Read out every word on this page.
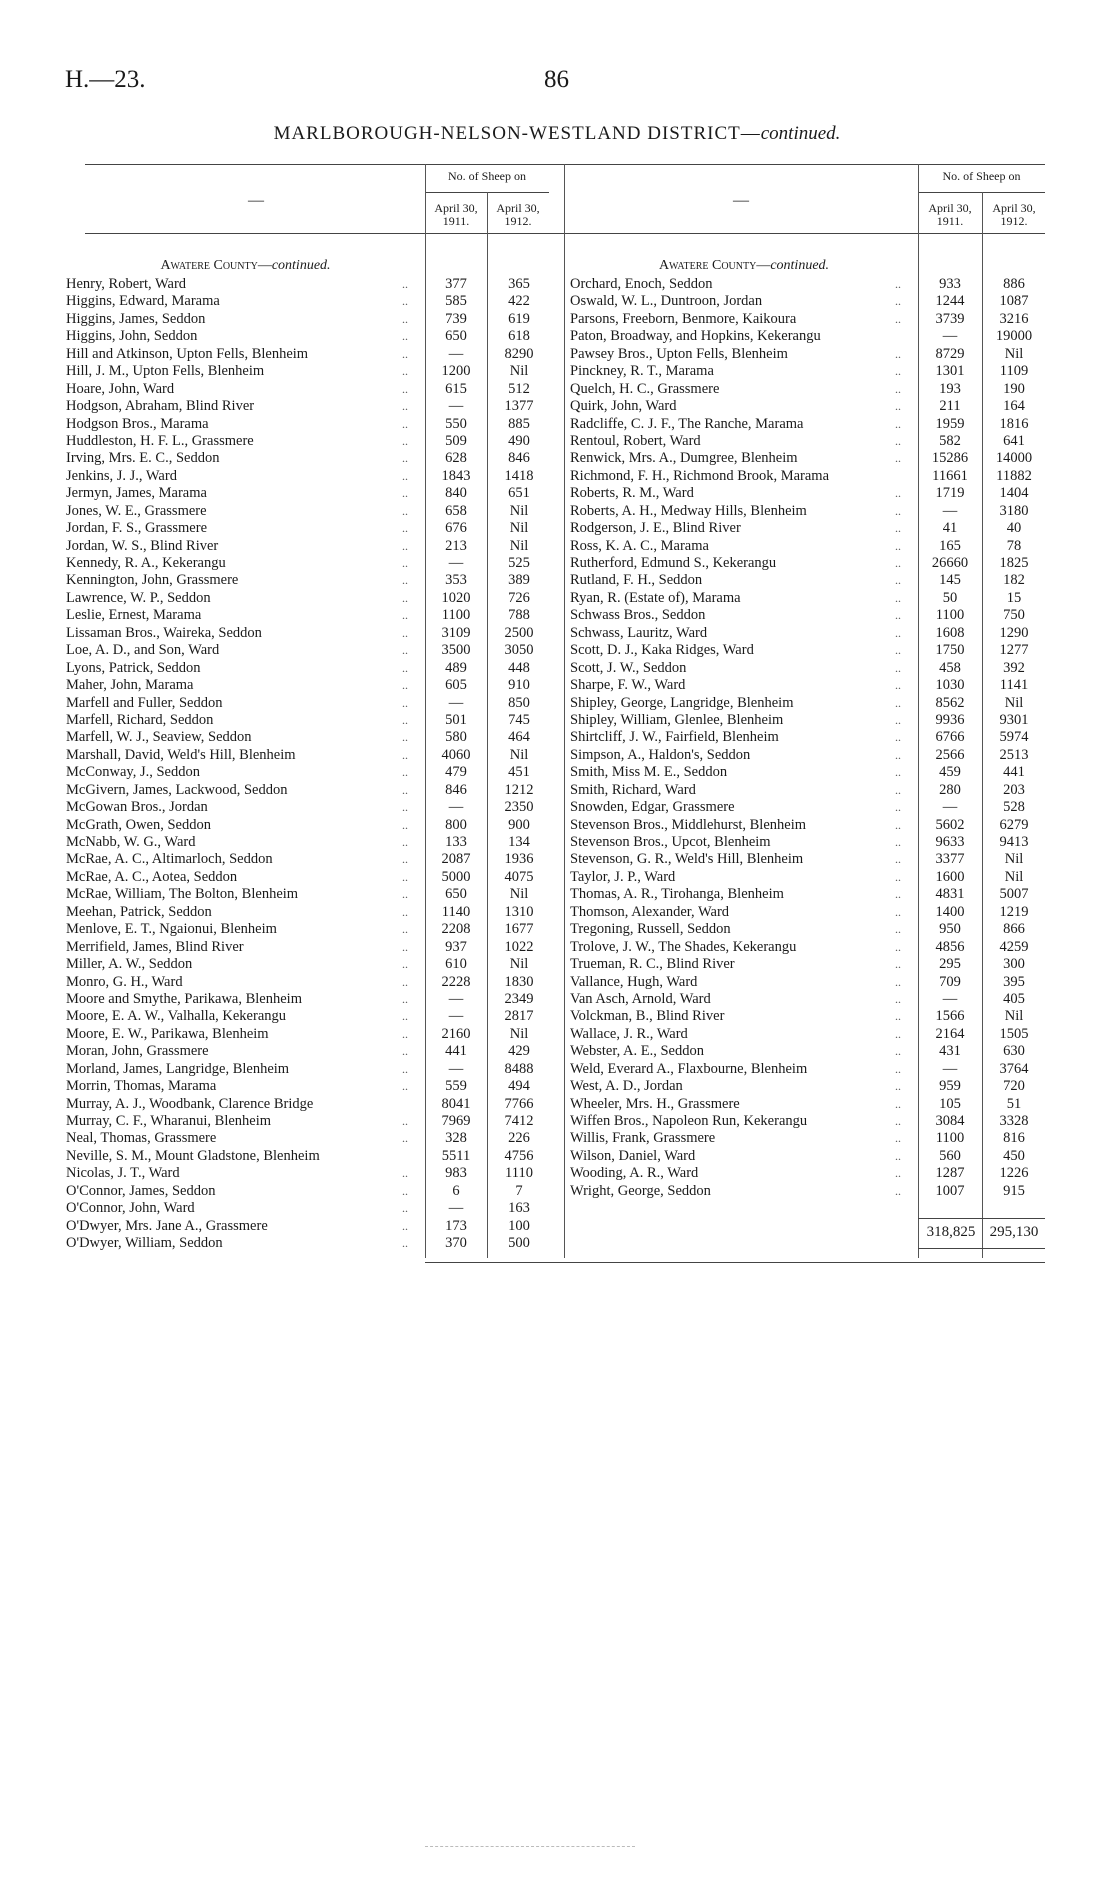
H.—23.	86
MARLBOROUGH-NELSON-WESTLAND DISTRICT—continued.
—
No. of Sheep on
April 30, 1911.
April 30, 1912.
—
No. of Sheep on
April 30, 1911.
April 30, 1912.
Awatere County—continued.
Henry, Robert, Ward	..	377	365
Higgins, Edward, Marama	..	585	422
Higgins, James, Seddon	..	739	619
Higgins, John, Seddon	..	650	618
Hill and Atkinson, Upton Fells, Blenheim	..	—	8290
Hill, J. M., Upton Fells, Blenheim	..	1200	Nil
Hoare, John, Ward	..	615	512
Hodgson, Abraham, Blind River	..	—	1377
Hodgson Bros., Marama	..	550	885
Huddleston, H. F. L., Grassmere	..	509	490
Irving, Mrs. E. C., Seddon	..	628	846
Jenkins, J. J., Ward	..	1843	1418
Jermyn, James, Marama	..	840	651
Jones, W. E., Grassmere	..	658	Nil
Jordan, F. S., Grassmere	..	676	Nil
Jordan, W. S., Blind River	..	213	Nil
Kennedy, R. A., Kekerangu	..	—	525
Kennington, John, Grassmere	..	353	389
Lawrence, W. P., Seddon	..	1020	726
Leslie, Ernest, Marama	..	1100	788
Lissaman Bros., Waireka, Seddon	..	3109	2500
Loe, A. D., and Son, Ward	..	3500	3050
Lyons, Patrick, Seddon	..	489	448
Maher, John, Marama	..	605	910
Marfell and Fuller, Seddon	..	—	850
Marfell, Richard, Seddon	..	501	745
Marfell, W. J., Seaview, Seddon	..	580	464
Marshall, David, Weld's Hill, Blenheim	..	4060	Nil
McConway, J., Seddon	..	479	451
McGivern, James, Lackwood, Seddon	..	846	1212
McGowan Bros., Jordan	..	—	2350
McGrath, Owen, Seddon	..	800	900
McNabb, W. G., Ward	..	133	134
McRae, A. C., Altimarloch, Seddon	..	2087	1936
McRae, A. C., Aotea, Seddon	..	5000	4075
McRae, William, The Bolton, Blenheim	..	650	Nil
Meehan, Patrick, Seddon	..	1140	1310
Menlove, E. T., Ngaionui, Blenheim	..	2208	1677
Merrifield, James, Blind River	..	937	1022
Miller, A. W., Seddon	..	610	Nil
Monro, G. H., Ward	..	2228	1830
Moore and Smythe, Parikawa, Blenheim	..	—	2349
Moore, E. A. W., Valhalla, Kekerangu	..	—	2817
Moore, E. W., Parikawa, Blenheim	..	2160	Nil
Moran, John, Grassmere	..	441	429
Morland, James, Langridge, Blenheim	..	—	8488
Morrin, Thomas, Marama	..	559	494
Murray, A. J., Woodbank, Clarence Bridge	8041	7766
Murray, C. F., Wharanui, Blenheim	..	7969	7412
Neal, Thomas, Grassmere	..	328	226
Neville, S. M., Mount Gladstone, Blenheim	5511	4756
Nicolas, J. T., Ward	..	983	1110
O'Connor, James, Seddon	..	6	7
O'Connor, John, Ward	..	—	163
O'Dwyer, Mrs. Jane A., Grassmere	..	173	100
O'Dwyer, William, Seddon	..	370	500
Awatere County—continued.
Orchard, Enoch, Seddon	..	933	886
Oswald, W. L., Duntroon, Jordan	..	1244	1087
Parsons, Freeborn, Benmore, Kaikoura	..	3739	3216
Paton, Broadway, and Hopkins, Kekerangu	—	19000
Pawsey Bros., Upton Fells, Blenheim	..	8729	Nil
Pinckney, R. T., Marama	..	1301	1109
Quelch, H. C., Grassmere	..	193	190
Quirk, John, Ward	..	211	164
Radcliffe, C. J. F., The Ranche, Marama	..	1959	1816
Rentoul, Robert, Ward	..	582	641
Renwick, Mrs. A., Dumgree, Blenheim	..	15286	14000
Richmond, F. H., Richmond Brook, Marama	11661	11882
Roberts, R. M., Ward	..	1719	1404
Roberts, A. H., Medway Hills, Blenheim	..	—	3180
Rodgerson, J. E., Blind River	..	41	40
Ross, K. A. C., Marama	..	165	78
Rutherford, Edmund S., Kekerangu	..	26660	1825
Rutland, F. H., Seddon	..	145	182
Ryan, R. (Estate of), Marama	..	50	15
Schwass Bros., Seddon	..	1100	750
Schwass, Lauritz, Ward	..	1608	1290
Scott, D. J., Kaka Ridges, Ward	..	1750	1277
Scott, J. W., Seddon	..	458	392
Sharpe, F. W., Ward	..	1030	1141
Shipley, George, Langridge, Blenheim	..	8562	Nil
Shipley, William, Glenlee, Blenheim	..	9936	9301
Shirtcliff, J. W., Fairfield, Blenheim	..	6766	5974
Simpson, A., Haldon's, Seddon	..	2566	2513
Smith, Miss M. E., Seddon	..	459	441
Smith, Richard, Ward	..	280	203
Snowden, Edgar, Grassmere	..	—	528
Stevenson Bros., Middlehurst, Blenheim	..	5602	6279
Stevenson Bros., Upcot, Blenheim	..	9633	9413
Stevenson, G. R., Weld's Hill, Blenheim	..	3377	Nil
Taylor, J. P., Ward	..	1600	Nil
Thomas, A. R., Tirohanga, Blenheim	..	4831	5007
Thomson, Alexander, Ward	..	1400	1219
Tregoning, Russell, Seddon	..	950	866
Trolove, J. W., The Shades, Kekerangu	..	4856	4259
Trueman, R. C., Blind River	..	295	300
Vallance, Hugh, Ward	..	709	395
Van Asch, Arnold, Ward	..	—	405
Volckman, B., Blind River	..	1566	Nil
Wallace, J. R., Ward	..	2164	1505
Webster, A. E., Seddon	..	431	630
Weld, Everard A., Flaxbourne, Blenheim	..	—	3764
West, A. D., Jordan	..	959	720
Wheeler, Mrs. H., Grassmere	..	105	51
Wiffen Bros., Napoleon Run, Kekerangu	..	3084	3328
Willis, Frank, Grassmere	..	1100	816
Wilson, Daniel, Ward	..	560	450
Wooding, A. R., Ward	..	1287	1226
Wright, George, Seddon	..	1007	915
318,825 295,130
